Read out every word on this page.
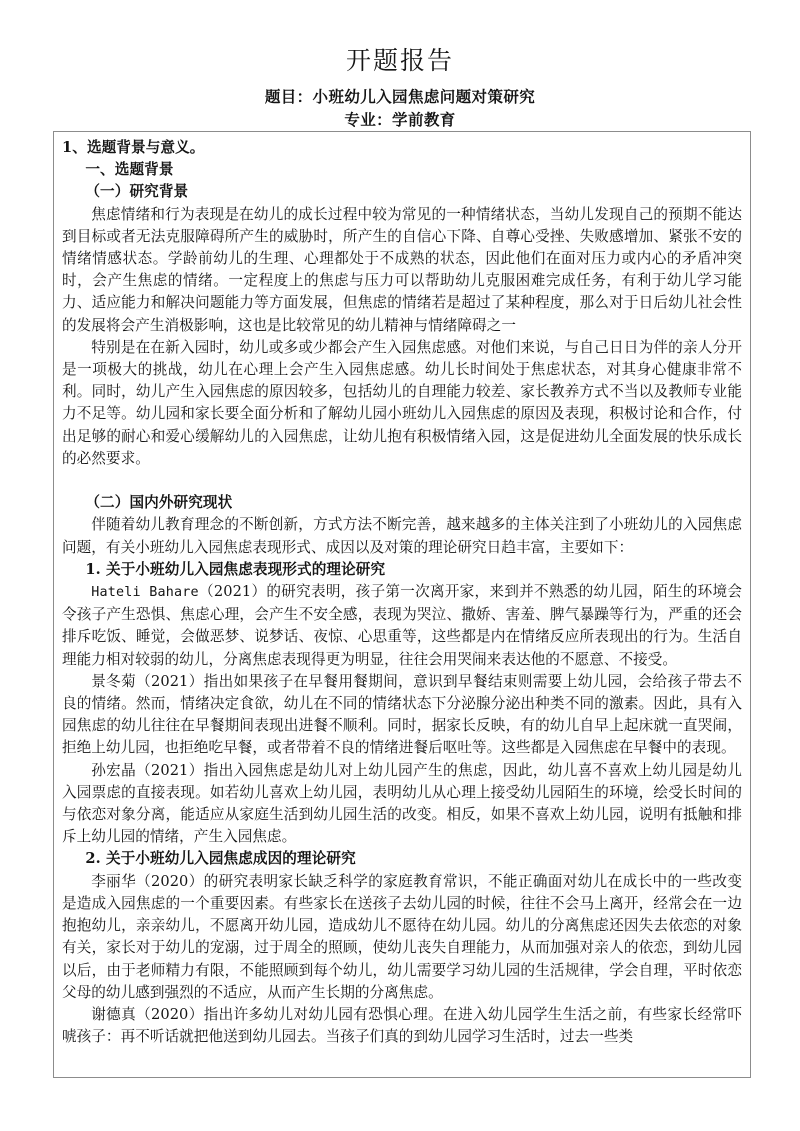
开题报告

题目：小班幼儿入园焦虑问题对策研究

专业：学前教育

1、选题背景与意义。
一、选题背景
（一）研究背景

焦虑情绪和行为表现是在幼儿的成长过程中较为常见的一种情绪状态，当幼儿发现自己的预期不能达到目标或者无法克服障碍所产生的威胁时，所产生的自信心下降、自尊心受挫、失败感增加、紧张不安的情绪情感状态。学龄前幼儿的生理、心理都处于不成熟的状态，因此他们在面对压力或内心的矛盾冲突时，会产生焦虑的情绪。一定程度上的焦虑与压力可以帮助幼儿克服困难完成任务，有利于幼儿学习能力、适应能力和解决问题能力等方面发展，但焦虑的情绪若是超过了某种程度，那么对于日后幼儿社会性的发展将会产生消极影响，这也是比较常见的幼儿精神与情绪障碍之一

特别是在在新入园时，幼儿或多或少都会产生入园焦虑感。对他们来说，与自己日日为伴的亲人分开是一项极大的挑战，幼儿在心理上会产生入园焦虑感。幼儿长时间处于焦虑状态，对其身心健康非常不利。同时，幼儿产生入园焦虑的原因较多，包括幼儿的自理能力较差、家长教养方式不当以及教师专业能力不足等。幼儿园和家长要全面分析和了解幼儿园小班幼儿入园焦虑的原因及表现，积极讨论和合作，付出足够的耐心和爱心缓解幼儿的入园焦虑，让幼儿抱有积极情绪入园，这是促进幼儿全面发展的快乐成长的必然要求。

（二）国内外研究现状

伴随着幼儿教育理念的不断创新，方式方法不断完善，越来越多的主体关注到了小班幼儿的入园焦虑问题，有关小班幼儿入园焦虑表现形式、成因以及对策的理论研究日趋丰富，主要如下：

1. 关于小班幼儿入园焦虑表现形式的理论研究

Hateli Bahare（2021）的研究表明，孩子第一次离开家，来到并不熟悉的幼儿园，陌生的环境会令孩子产生恐惧、焦虑心理，会产生不安全感，表现为哭泣、撒娇、害羞、脾气暴躁等行为，严重的还会排斥吃饭、睡觉，会做恶梦、说梦话、夜惊、心思重等，这些都是内在情绪反应所表现出的行为。生活自理能力相对较弱的幼儿，分离焦虑表现得更为明显，往往会用哭闹来表达他的不愿意、不接受。

景冬菊（2021）指出如果孩子在早餐用餐期间，意识到早餐结束则需要上幼儿园，会给孩子带去不良的情绪。然而，情绪决定食欲，幼儿在不同的情绪状态下分泌腺分泌出种类不同的激素。因此，具有入园焦虑的幼儿往往在早餐期间表现出进餐不顺利。同时，据家长反映，有的幼儿自早上起床就一直哭闹，拒绝上幼儿园，也拒绝吃早餐，或者带着不良的情绪进餐后呕吐等。这些都是入园焦虑在早餐中的表现。

孙宏晶（2021）指出入园焦虑是幼儿对上幼儿园产生的焦虑，因此，幼儿喜不喜欢上幼儿园是幼儿入园票虑的直接表现。如若幼儿喜欢上幼儿园，表明幼儿从心理上接受幼儿园陌生的环境，绘受长时间的与依恋对象分离，能适应从家庭生活到幼儿园生活的改变。相反，如果不喜欢上幼儿园，说明有抵触和排斥上幼儿园的情绪，产生入园焦虑。

2. 关于小班幼儿入园焦虑成因的理论研究

李丽华（2020）的研究表明家长缺乏科学的家庭教育常识，不能正确面对幼儿在成长中的一些改变是造成入园焦虑的一个重要因素。有些家长在送孩子去幼儿园的时候，往往不会马上离开，经常会在一边抱抱幼儿，亲亲幼儿，不愿离开幼儿园，造成幼儿不愿待在幼儿园。幼儿的分离焦虑还因失去依恋的对象有关，家长对于幼儿的宠溺，过于周全的照顾，使幼儿丧失自理能力，从而加强对亲人的依恋，到幼儿园以后，由于老师精力有限，不能照顾到每个幼儿，幼儿需要学习幼儿园的生活规律，学会自理，平时依恋父母的幼儿感到强烈的不适应，从而产生长期的分离焦虑。

谢德真（2020）指出许多幼儿对幼儿园有恐惧心理。在进入幼儿园学生生活之前，有些家长经常吓唬孩子：再不听话就把他送到幼儿园去。当孩子们真的到幼儿园学习生活时，过去一些类
